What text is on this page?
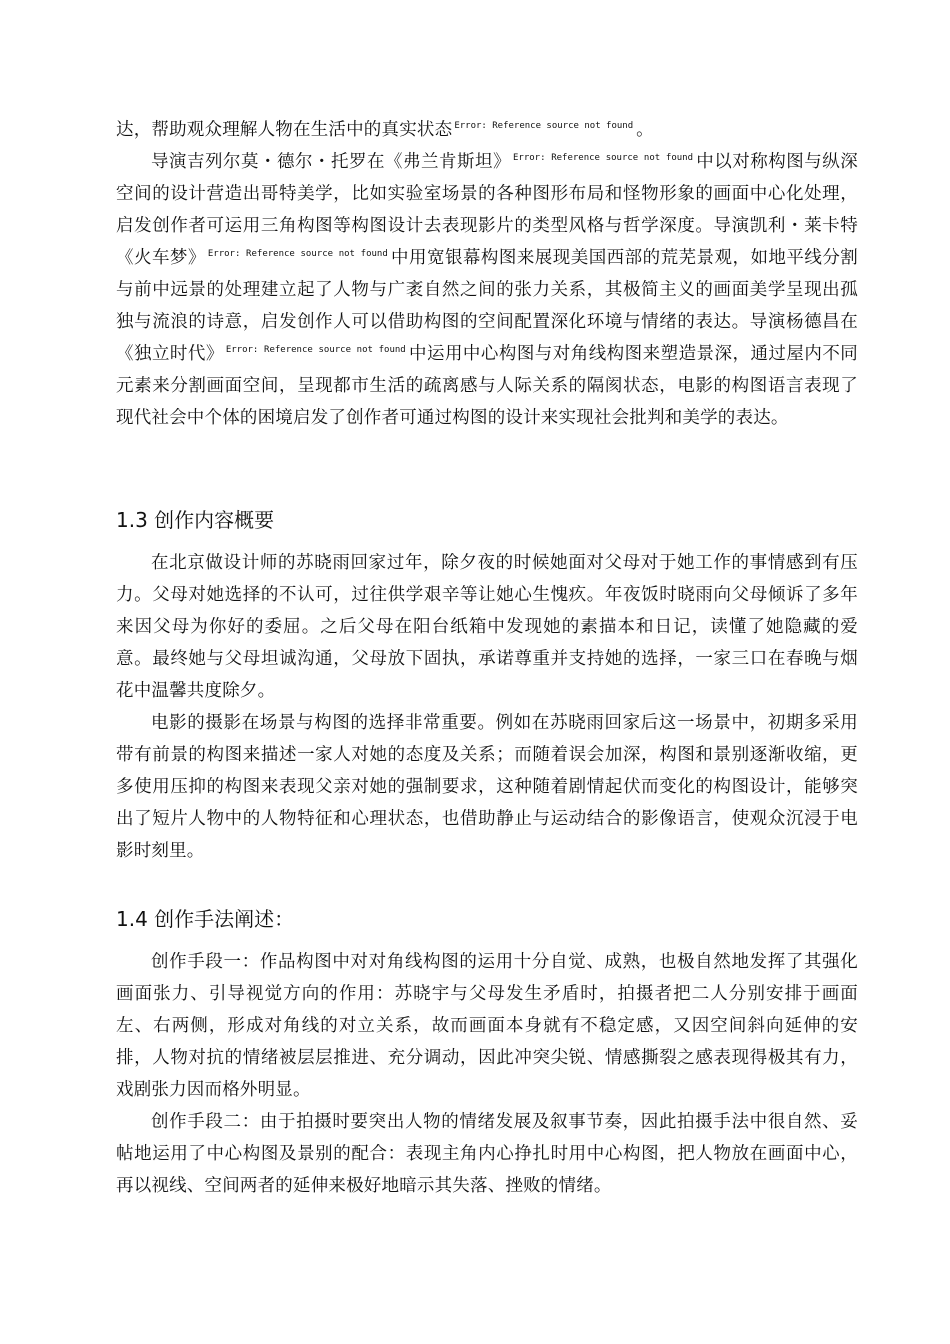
达，帮助观众理解人物在生活中的真实状态 $^{Error: Reference source not found}$ 。

导演吉列尔莫・德尔・托罗在《弗兰肯斯坦》 $^{Error: Reference source not found}$ 中以对称构图与纵深空间的设计营造出哥特美学，比如实验室场景的各种图形布局和怪物形象的画面中心化处理，启发创作者可运用三角构图等构图设计去表现影片的类型风格与哲学深度。导演凯利・莱卡特《火车梦》 $^{Error: Reference source not found}$ 中用宽银幕构图来展现美国西部的荒芜景观，如地平线分割与前中远景的处理建立起了人物与广袤自然之间的张力关系，其极简主义的画面美学呈现出孤独与流浪的诗意，启发创作人可以借助构图的空间配置深化环境与情绪的表达。导演杨德昌在《独立时代》 $^{Error: Reference source not found}$ 中运用中心构图与对角线构图来塑造景深，通过屋内不同元素来分割画面空间，呈现都市生活的疏离感与人际关系的隔阂状态，电影的构图语言表现了现代社会中个体的困境启发了创作者可通过构图的设计来实现社会批判和美学的表达。

1.3 创作内容概要

在北京做设计师的苏晓雨回家过年，除夕夜的时候她面对父母对于她工作的事情感到有压力。父母对她选择的不认可，过往供学艰辛等让她心生愧疚。年夜饭时晓雨向父母倾诉了多年来因父母为你好的委屈。之后父母在阳台纸箱中发现她的素描本和日记，读懂了她隐藏的爱意。最终她与父母坦诚沟通，父母放下固执，承诺尊重并支持她的选择，一家三口在春晚与烟花中温馨共度除夕。

电影的摄影在场景与构图的选择非常重要。例如在苏晓雨回家后这一场景中，初期多采用带有前景的构图来描述一家人对她的态度及关系；而随着误会加深，构图和景别逐渐收缩，更多使用压抑的构图来表现父亲对她的强制要求，这种随着剧情起伏而变化的构图设计，能够突出了短片人物中的人物特征和心理状态，也借助静止与运动结合的影像语言，使观众沉浸于电影时刻里。

1.4 创作手法阐述：

创作手段一：作品构图中对对角线构图的运用十分自觉、成熟，也极自然地发挥了其强化画面张力、引导视觉方向的作用：苏晓宇与父母发生矛盾时，拍摄者把二人分别安排于画面左、右两侧，形成对角线的对立关系，故而画面本身就有不稳定感，又因空间斜向延伸的安排，人物对抗的情绪被层层推进、充分调动，因此冲突尖锐、情感撕裂之感表现得极其有力，戏剧张力因而格外明显。

创作手段二：由于拍摄时要突出人物的情绪发展及叙事节奏，因此拍摄手法中很自然、妥帖地运用了中心构图及景别的配合：表现主角内心挣扎时用中心构图，把人物放在画面中心，再以视线、空间两者的延伸来极好地暗示其失落、挫败的情绪。
